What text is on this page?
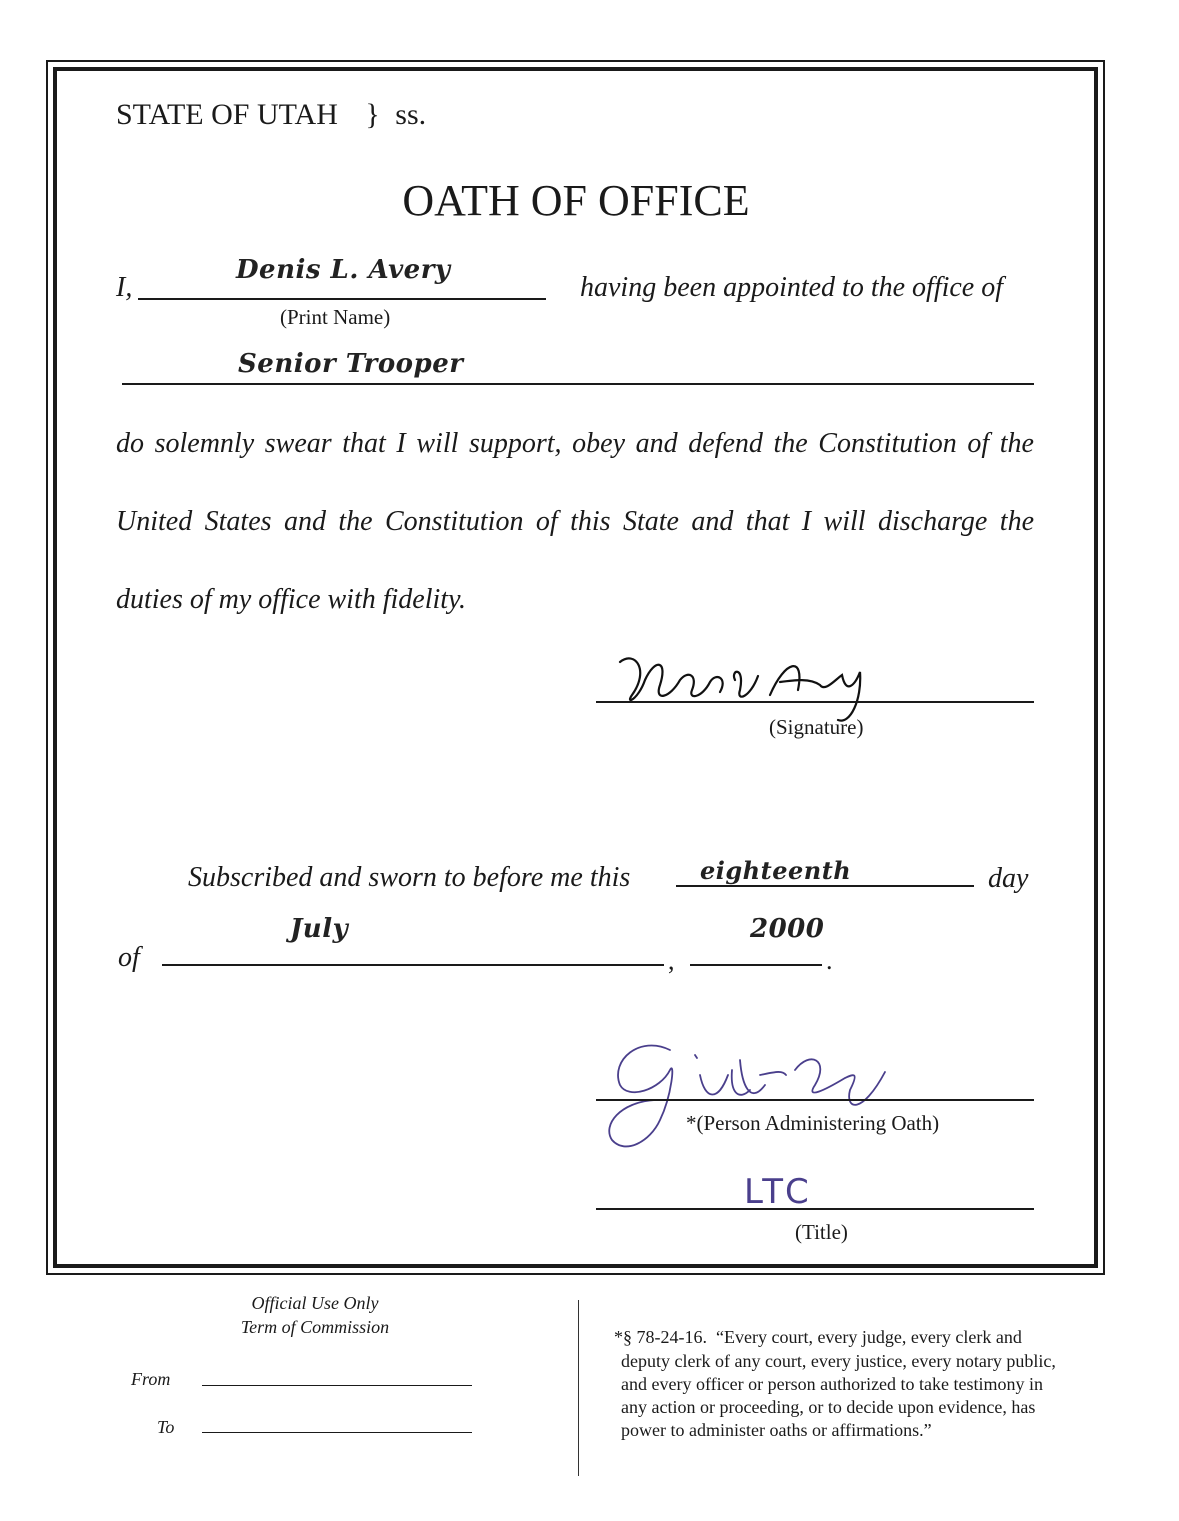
STATE OF UTAH } ss.
OATH OF OFFICE
I,
Denis L. Avery
(Print Name)
having been appointed to the office of
Senior Trooper
do solemnly swear that I will support, obey and defend the Constitution of the
United States and the Constitution of this State and that I will discharge the
duties of my office with fidelity.
(Signature)
Subscribed and sworn to before me this	eighteenth	day
of
July
,
2000
.
*(Person Administering Oath)
LTC
(Title)
Official Use Only
Term of Commission
From
To
*§ 78-24-16.  “Every court, every judge, every clerk and
deputy clerk of any court, every justice, every notary public,
and every officer or person authorized to take testimony in
any action or proceeding, or to decide upon evidence, has
power to administer oaths or affirmations.”
